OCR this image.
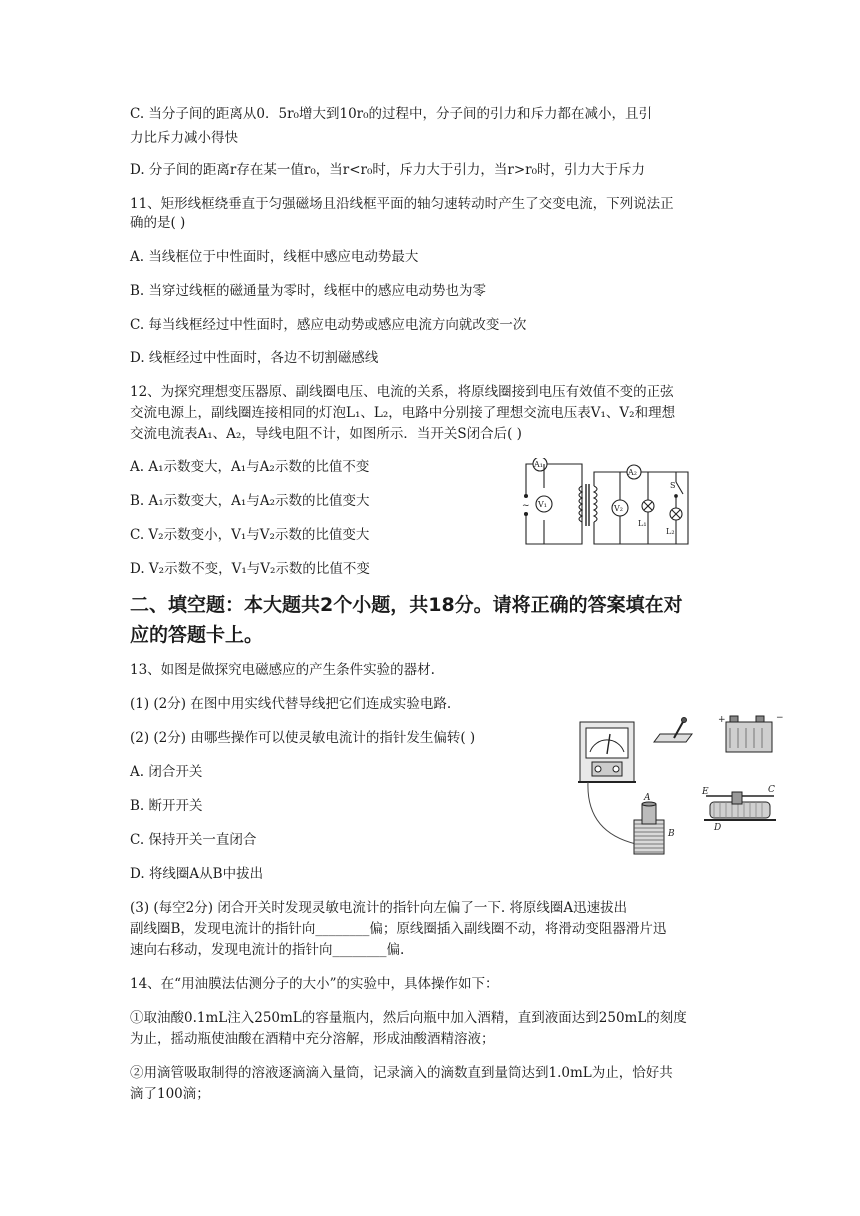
C. 当分子间的距离从0．5r₀增大到10r₀的过程中，分子间的引力和斥力都在减小，且引
力比斥力减小得快
D. 分子间的距离r存在某一值r₀，当r<r₀时，斥力大于引力，当r>r₀时，引力大于斥力
11、矩形线框绕垂直于匀强磁场且沿线框平面的轴匀速转动时产生了交变电流，下列说法正
确的是( )
A. 当线框位于中性面时，线框中感应电动势最大
B. 当穿过线框的磁通量为零时，线框中的感应电动势也为零
C. 每当线框经过中性面时，感应电动势或感应电流方向就改变一次
D. 线框经过中性面时，各边不切割磁感线
12、为探究理想变压器原、副线圈电压、电流的关系，将原线圈接到电压有效值不变的正弦
交流电源上，副线圈连接相同的灯泡L₁、L₂，电路中分别接了理想交流电压表V₁、V₂和理想
交流电流表A₁、A₂，导线电阻不计，如图所示．当开关S闭合后( )
A. A₁示数变大，A₁与A₂示数的比值不变
B. A₁示数变大，A₁与A₂示数的比值变大
C. V₂示数变小，V₁与V₂示数的比值变大
D. V₂示数不变，V₁与V₂示数的比值不变
~
A₁
V₁
A₂
V₂
L₁
S
L₂
二、填空题：本大题共2个小题，共18分。请将正确的答案填在对
应的答题卡上。
13、如图是做探究电磁感应的产生条件实验的器材.
(1) (2分) 在图中用实线代替导线把它们连成实验电路.
(2) (2分) 由哪些操作可以使灵敏电流计的指针发生偏转( )
A. 闭合开关
B. 断开开关
C. 保持开关一直闭合
D. 将线圈A从B中拔出
A
B
+	−
E	C
D
(3) (每空2分) 闭合开关时发现灵敏电流计的指针向左偏了一下. 将原线圈A迅速拔出
副线圈B，发现电流计的指针向________偏；原线圈插入副线圈不动，将滑动变阻器滑片迅
速向右移动，发现电流计的指针向________偏.
14、在“用油膜法估测分子的大小”的实验中，具体操作如下：
①取油酸0.1mL注入250mL的容量瓶内，然后向瓶中加入酒精，直到液面达到250mL的刻度
为止，摇动瓶使油酸在酒精中充分溶解，形成油酸酒精溶液；
②用滴管吸取制得的溶液逐滴滴入量筒，记录滴入的滴数直到量筒达到1.0mL为止，恰好共
滴了100滴；
